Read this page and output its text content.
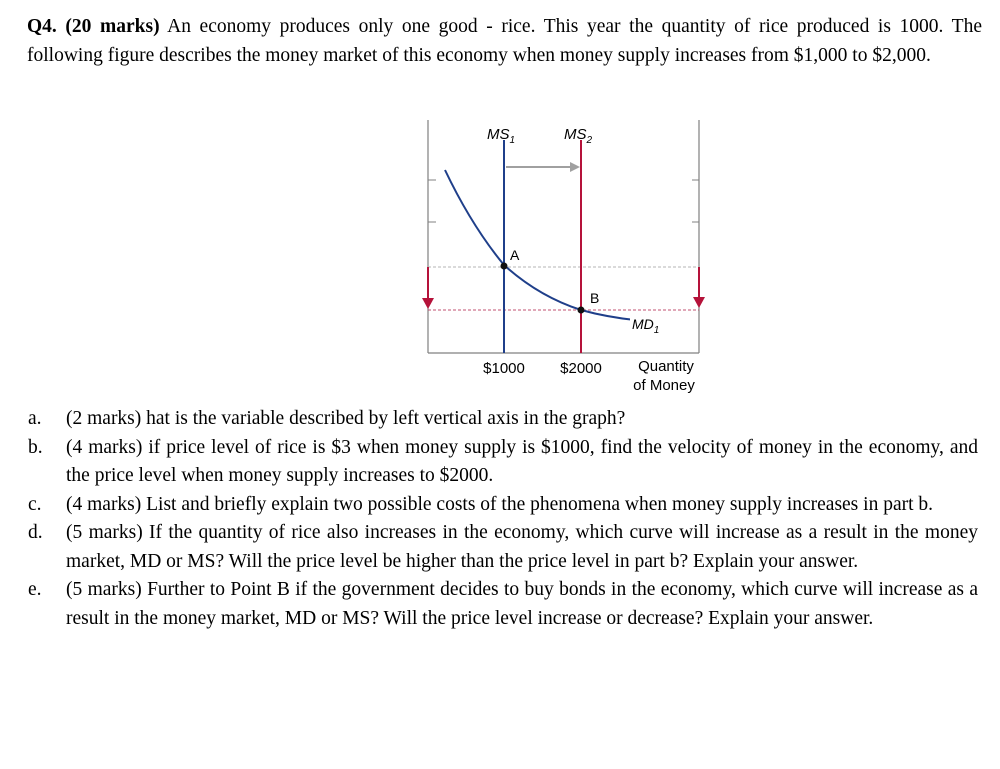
Q4. (20 marks) An economy produces only one good - rice. This year the quantity of rice produced is 1000. The following figure describes the money market of this economy when money supply increases from $1,000 to $2,000.
$MS_1$	$MS_2$
A
B
$MD_1$
$1000 $2000 Quantity
of Money
a. (2 marks) hat is the variable described by left vertical axis in the graph?
b. (4 marks) if price level of rice is $3 when money supply is $1000, find the velocity of money in the economy, and the price level when money supply increases to $2000.
c. (4 marks) List and briefly explain two possible costs of the phenomena when money supply increases in part b.
d. (5 marks) If the quantity of rice also increases in the economy, which curve will increase as a result in the money market, MD or MS? Will the price level be higher than the price level in part b? Explain your answer.
e. (5 marks) Further to Point B if the government decides to buy bonds in the economy, which curve will increase as a result in the money market, MD or MS? Will the price level increase or decrease? Explain your answer.
